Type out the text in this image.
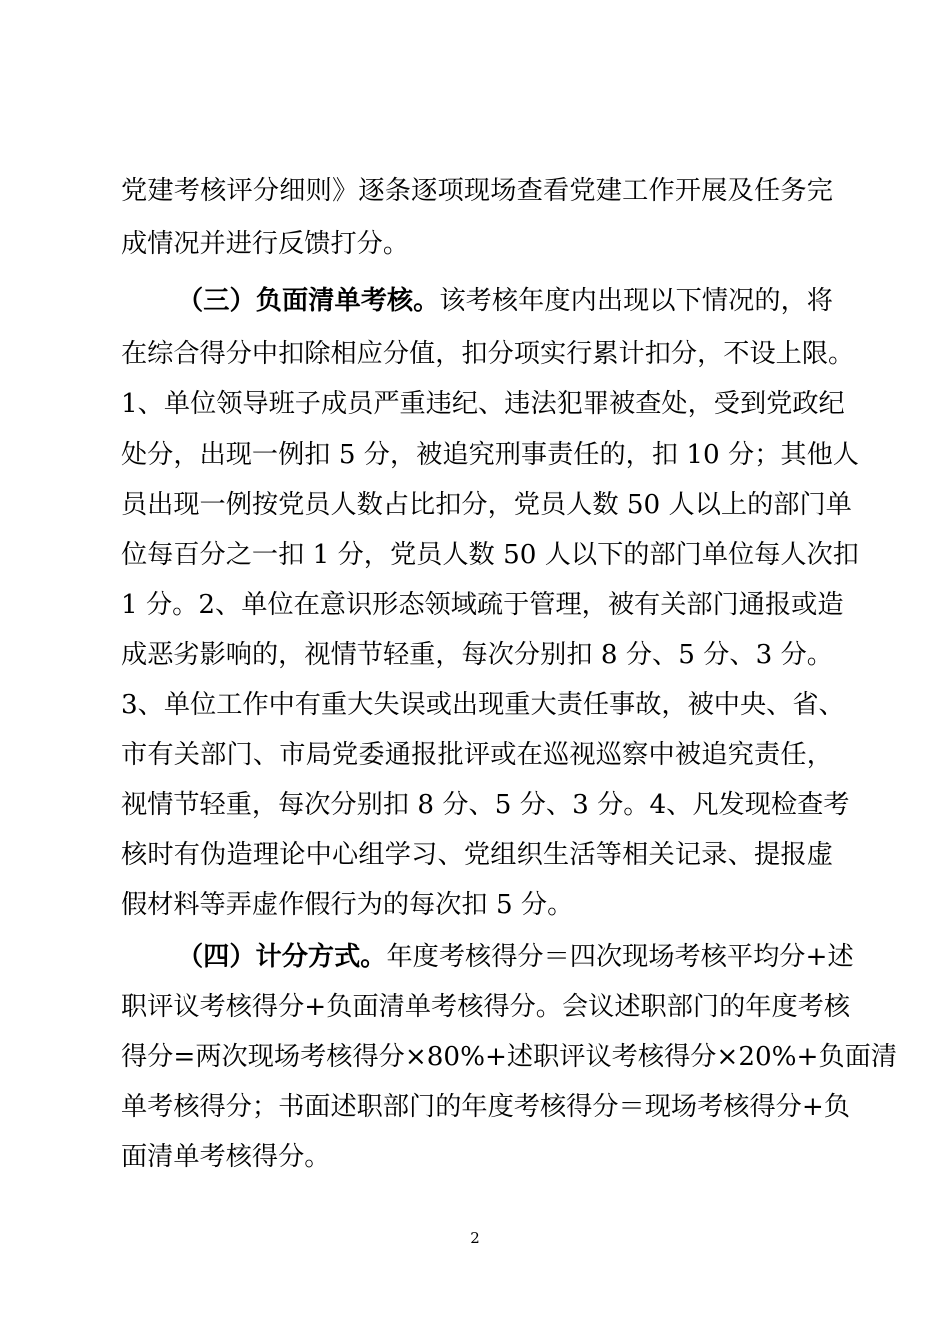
党建考核评分细则》逐条逐项现场查看党建工作开展及任务完
成情况并进行反馈打分。
（三）负面清单考核。该考核年度内出现以下情况的，将
在综合得分中扣除相应分值，扣分项实行累计扣分，不设上限。
1、单位领导班子成员严重违纪、违法犯罪被查处，受到党政纪
处分，出现一例扣 5 分，被追究刑事责任的，扣 10 分；其他人
员出现一例按党员人数占比扣分，党员人数 50 人以上的部门单
位每百分之一扣 1 分，党员人数 50 人以下的部门单位每人次扣
1 分。2、单位在意识形态领域疏于管理，被有关部门通报或造
成恶劣影响的，视情节轻重，每次分别扣 8 分、5 分、3 分。
3、单位工作中有重大失误或出现重大责任事故，被中央、省、
市有关部门、市局党委通报批评或在巡视巡察中被追究责任，
视情节轻重，每次分别扣 8 分、5 分、3 分。4、凡发现检查考
核时有伪造理论中心组学习、党组织生活等相关记录、提报虚
假材料等弄虚作假行为的每次扣 5 分。
（四）计分方式。年度考核得分＝四次现场考核平均分+述
职评议考核得分+负面清单考核得分。会议述职部门的年度考核
得分=两次现场考核得分×80%+述职评议考核得分×20%+负面清
单考核得分；书面述职部门的年度考核得分＝现场考核得分+负
面清单考核得分。
2
